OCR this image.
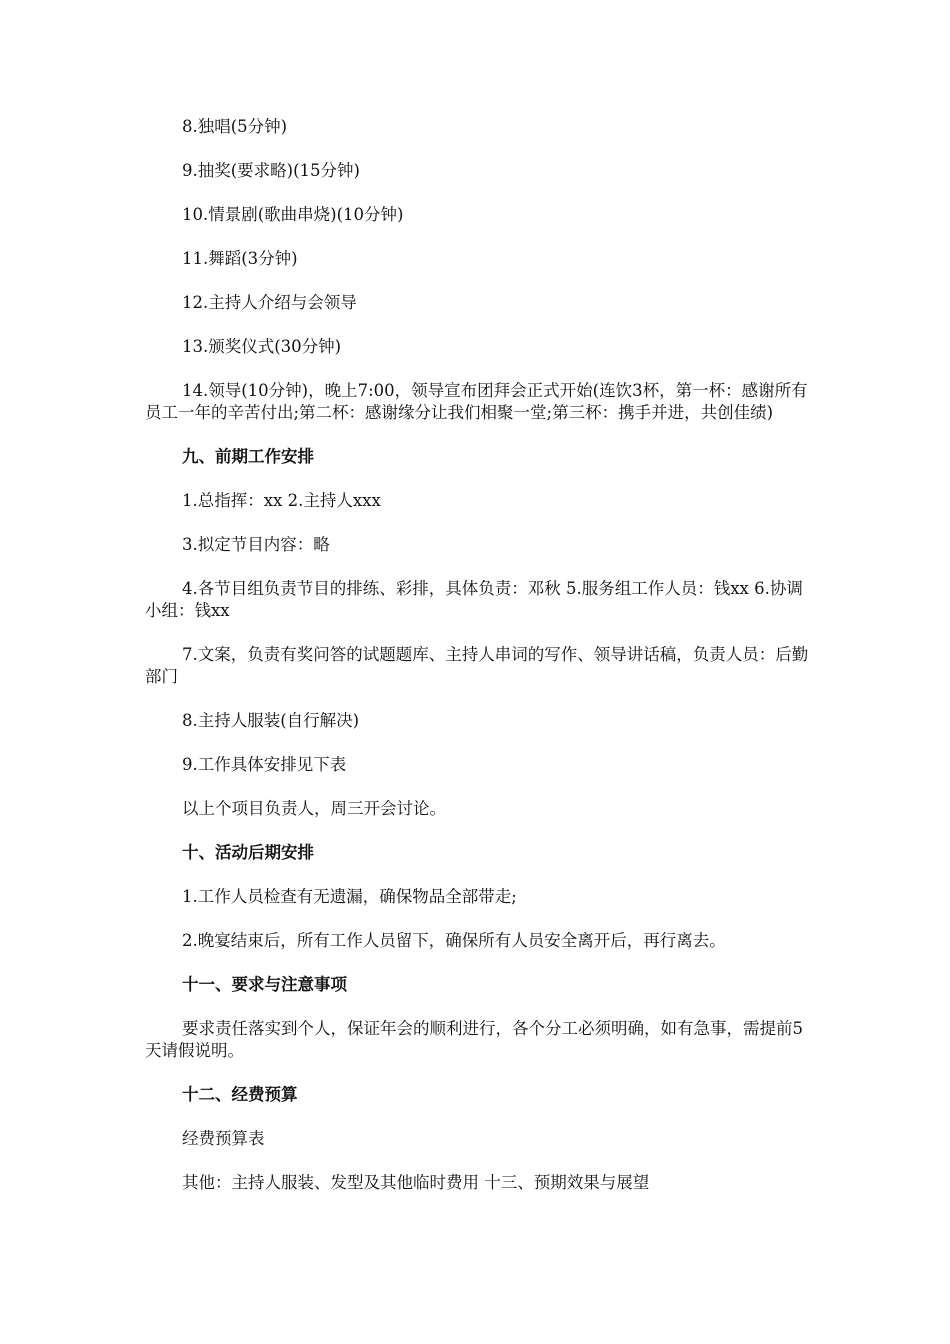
8.独唱(5分钟)

9.抽奖(要求略)(15分钟)

10.情景剧(歌曲串烧)(10分钟)

11.舞蹈(3分钟)

12.主持人介绍与会领导

13.颁奖仪式(30分钟)

14.领导(10分钟)，晚上7:00，领导宣布团拜会正式开始(连饮3杯，第一杯：感谢所有员工一年的辛苦付出;第二杯：感谢缘分让我们相聚一堂;第三杯：携手并进，共创佳绩)

九、前期工作安排

1.总指挥：xx 2.主持人xxx

3.拟定节目内容：略

4.各节目组负责节目的排练、彩排，具体负责：邓秋 5.服务组工作人员：钱xx 6.协调小组：钱xx

7.文案，负责有奖问答的试题题库、主持人串词的写作、领导讲话稿，负责人员：后勤部门

8.主持人服装(自行解决)

9.工作具体安排见下表

以上个项目负责人，周三开会讨论。

十、活动后期安排

1.工作人员检查有无遗漏，确保物品全部带走;

2.晚宴结束后，所有工作人员留下，确保所有人员安全离开后，再行离去。

十一、要求与注意事项

要求责任落实到个人，保证年会的顺利进行，各个分工必须明确，如有急事，需提前5天请假说明。

十二、经费预算

经费预算表

其他：主持人服装、发型及其他临时费用 十三、预期效果与展望
